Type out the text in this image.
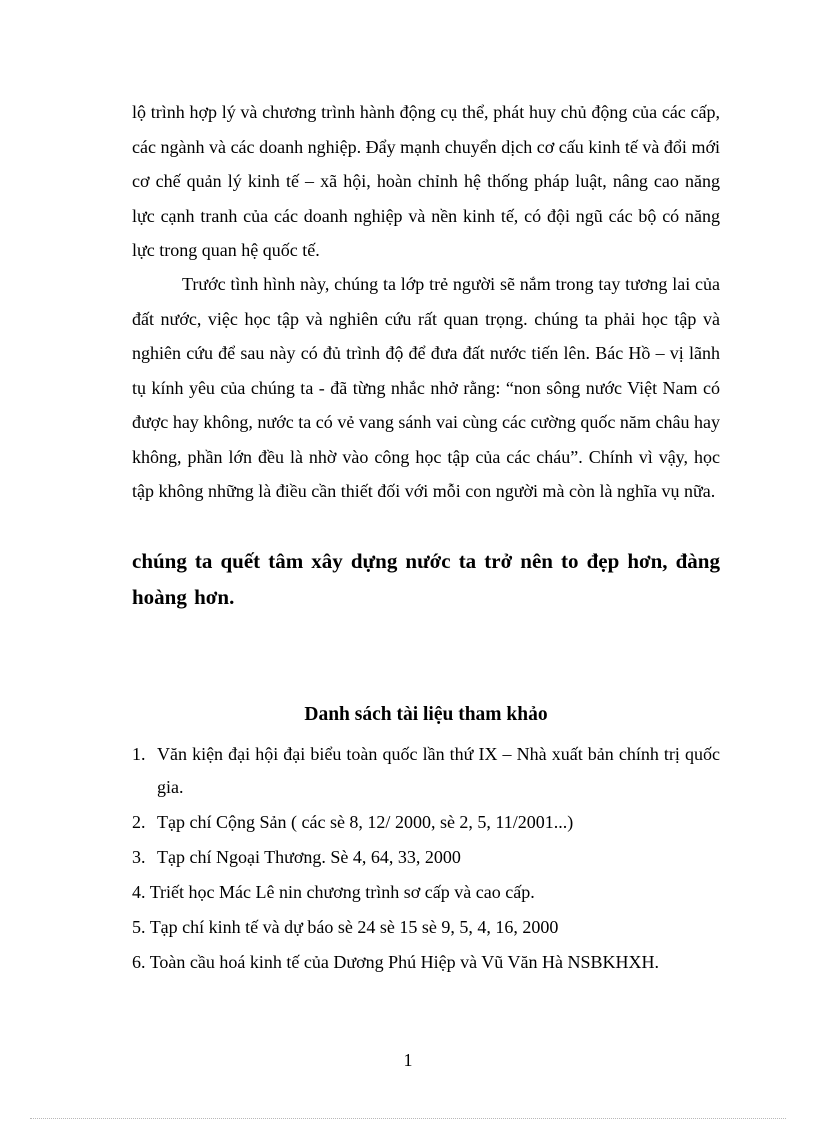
lộ trình hợp lý và chương trình hành động cụ thể, phát huy chủ động của các cấp, các ngành và các doanh nghiệp. Đẩy mạnh chuyển dịch cơ cấu kinh tế và đổi mới cơ chế quản lý kinh tế – xã hội, hoàn chỉnh hệ thống pháp luật, nâng cao năng lực cạnh tranh của các doanh nghiệp và nền kinh tế, có đội ngũ các bộ có năng lực trong quan hệ quốc tế.

Trước tình hình này, chúng ta lớp trẻ người sẽ nắm trong tay tương lai của đất nước, việc học tập và nghiên cứu rất quan trọng. chúng ta phải học tập và nghiên cứu để sau này có đủ trình độ để đưa đất nước tiến lên. Bác Hồ – vị lãnh tụ kính yêu của chúng ta - đã từng nhắc nhở rằng: “non sông nước Việt Nam có được hay không, nước ta có vẻ vang sánh vai cùng các cường quốc năm châu hay không, phần lớn đều là nhờ vào công học tập của các cháu”. Chính vì vậy, học tập không những là điều cần thiết đối với mỗi con người mà còn là nghĩa vụ nữa.

chúng ta quết tâm xây dựng nước ta trở nên to đẹp hơn, đàng hoàng hơn.

Danh sách tài liệu tham khảo
1. Văn kiện đại hội đại biểu toàn quốc lần thứ IX – Nhà xuất bản chính trị quốc gia.
2. Tạp chí Cộng Sản ( các sè 8, 12/ 2000, sè 2, 5, 11/2001...)
3. Tạp chí Ngoại Thương. Sè 4, 64, 33, 2000
4. Triết học Mác Lê nin chương trình sơ cấp và cao cấp.
5. Tạp chí kinh tế và dự báo sè 24 sè 15 sè 9, 5, 4, 16, 2000
6. Toàn cầu hoá kinh tế của Dương Phú Hiệp và Vũ Văn Hà NSBKHXH.

1
